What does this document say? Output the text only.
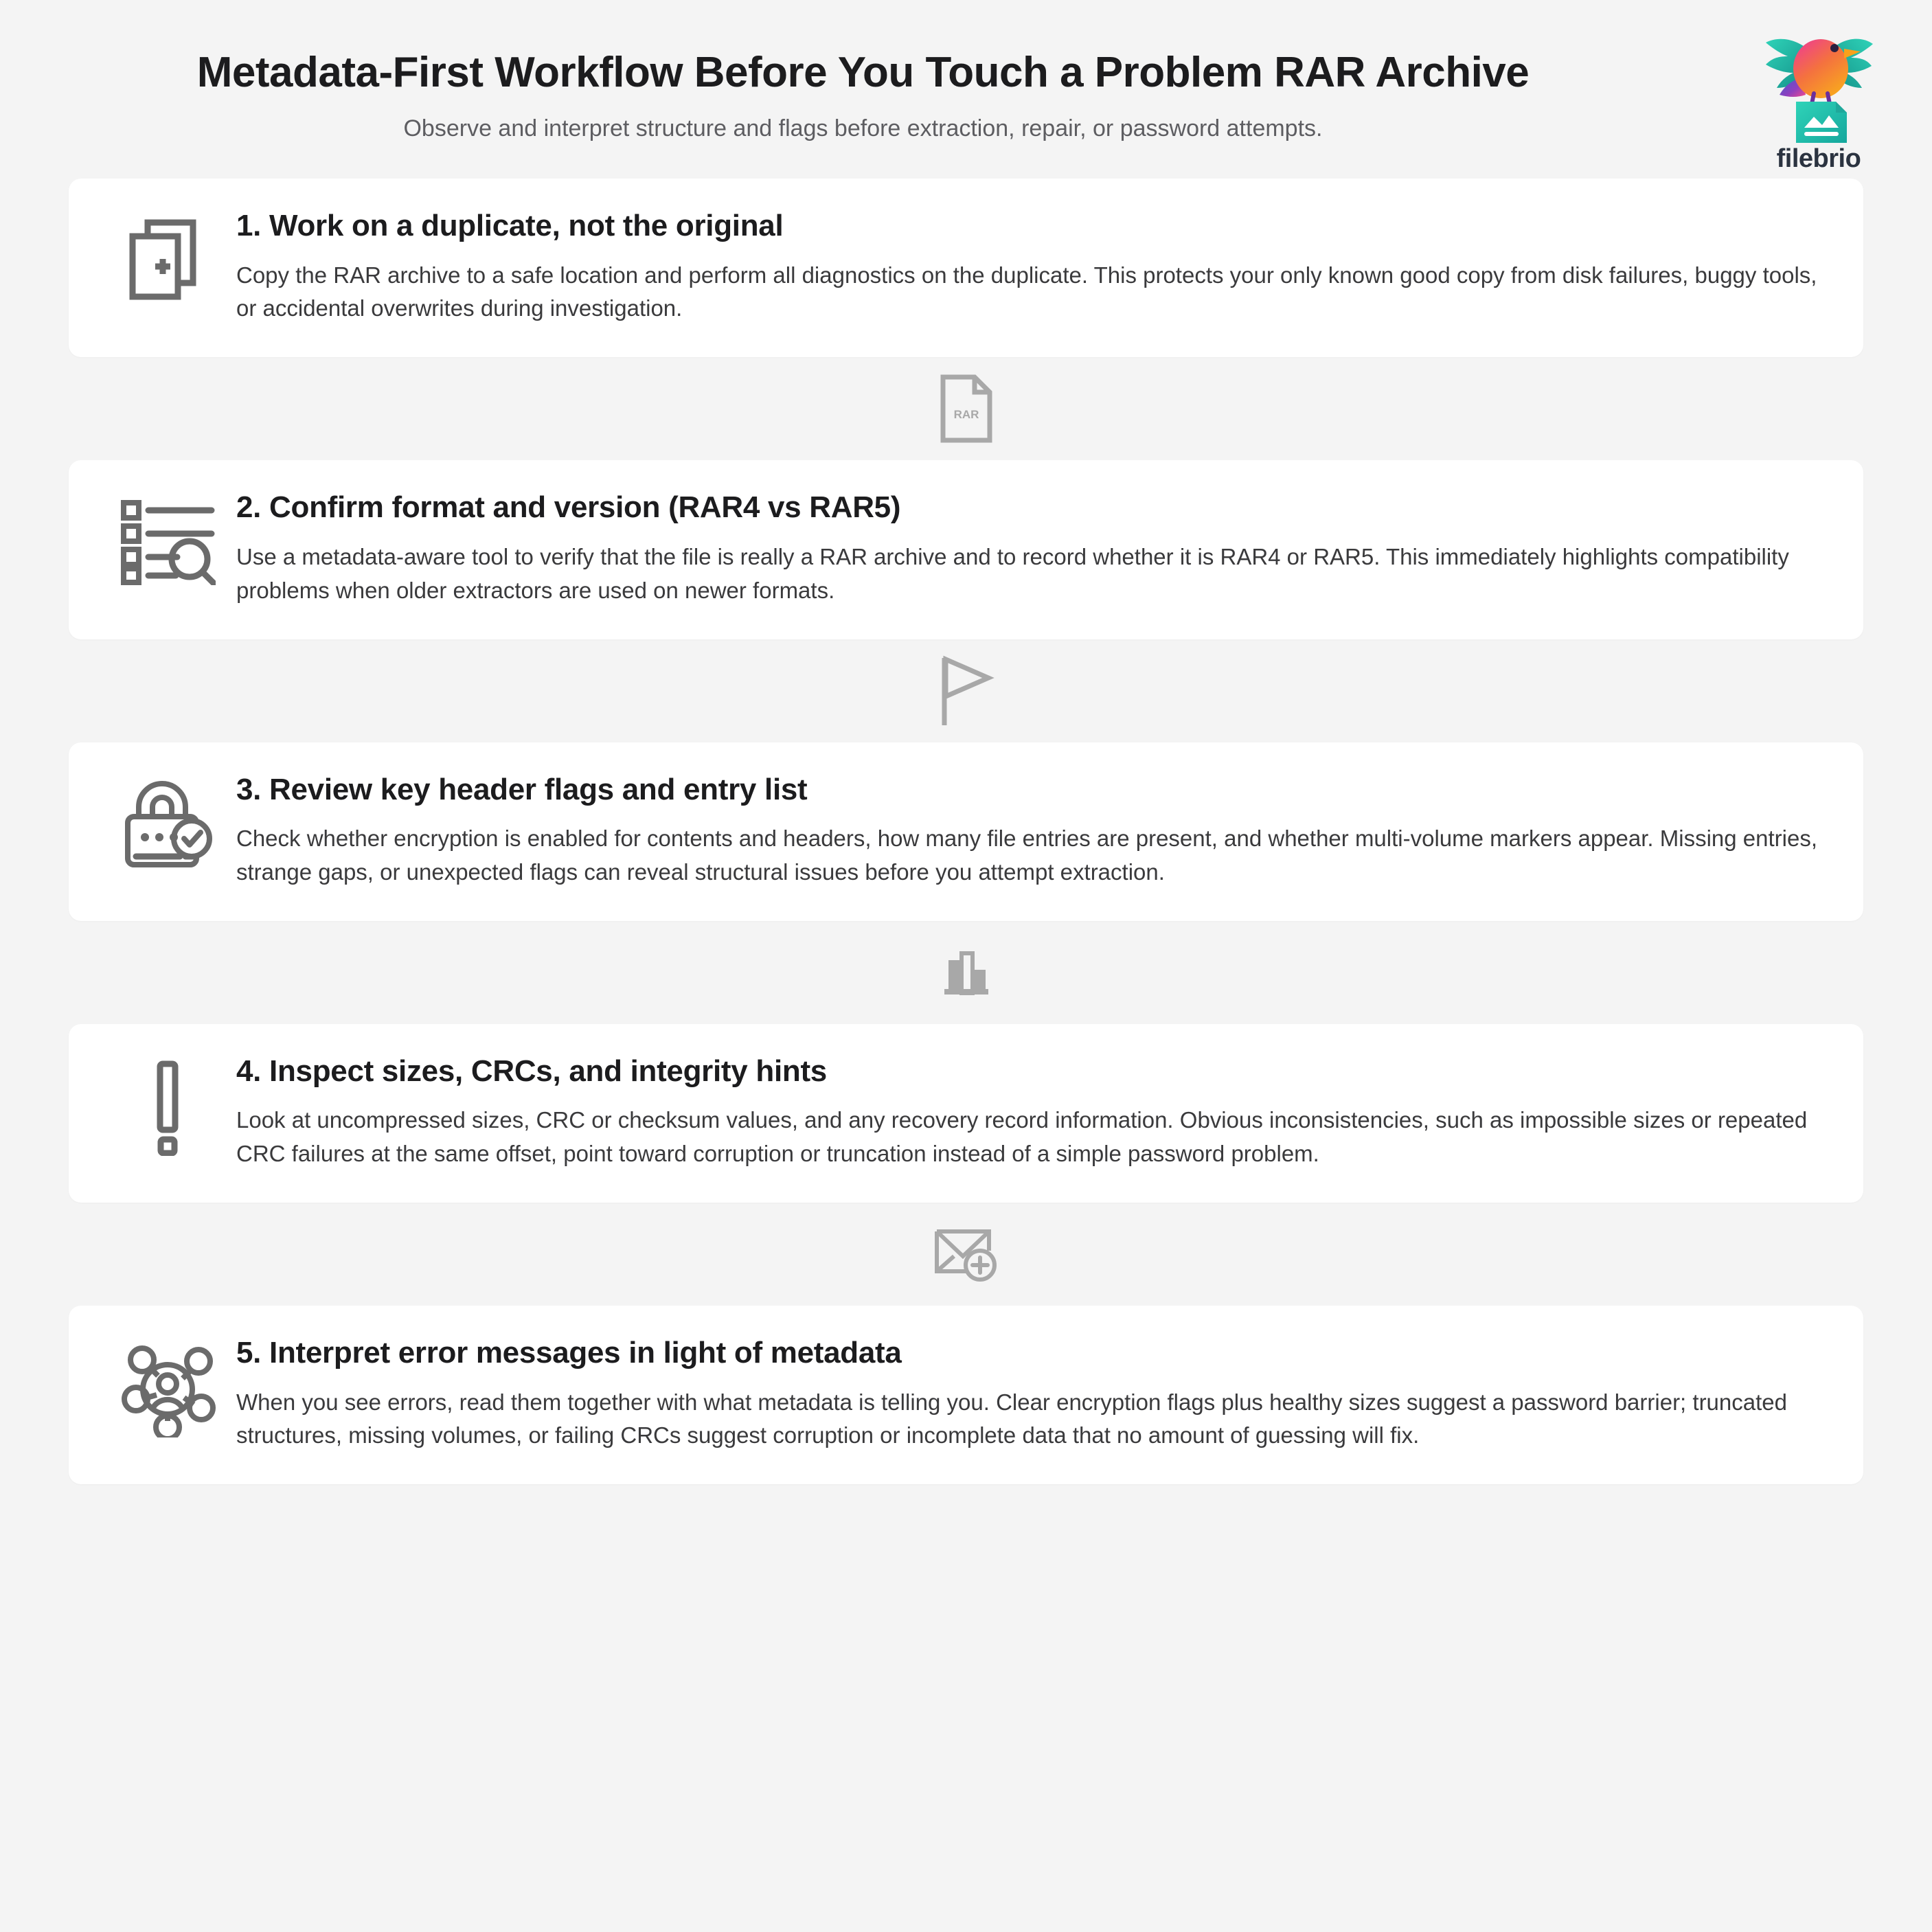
Metadata-First Workflow Before You Touch a Problem RAR Archive

Observe and interpret structure and flags before extraction, repair, or password attempts.

filebrio
1. Work on a duplicate, not the original
Copy the RAR archive to a safe location and perform all diagnostics on the duplicate. This protects your only known good copy from disk failures, buggy tools, or accidental overwrites during investigation.
RAR
2. Confirm format and version (RAR4 vs RAR5)
Use a metadata-aware tool to verify that the file is really a RAR archive and to record whether it is RAR4 or RAR5. This immediately highlights compatibility problems when older extractors are used on newer formats.
3. Review key header flags and entry list
Check whether encryption is enabled for contents and headers, how many file entries are present, and whether multi-volume markers appear. Missing entries, strange gaps, or unexpected flags can reveal structural issues before you attempt extraction.
4. Inspect sizes, CRCs, and integrity hints
Look at uncompressed sizes, CRC or checksum values, and any recovery record information. Obvious inconsistencies, such as impossible sizes or repeated CRC failures at the same offset, point toward corruption or truncation instead of a simple password problem.
5. Interpret error messages in light of metadata
When you see errors, read them together with what metadata is telling you. Clear encryption flags plus healthy sizes suggest a password barrier; truncated structures, missing volumes, or failing CRCs suggest corruption or incomplete data that no amount of guessing will fix.
